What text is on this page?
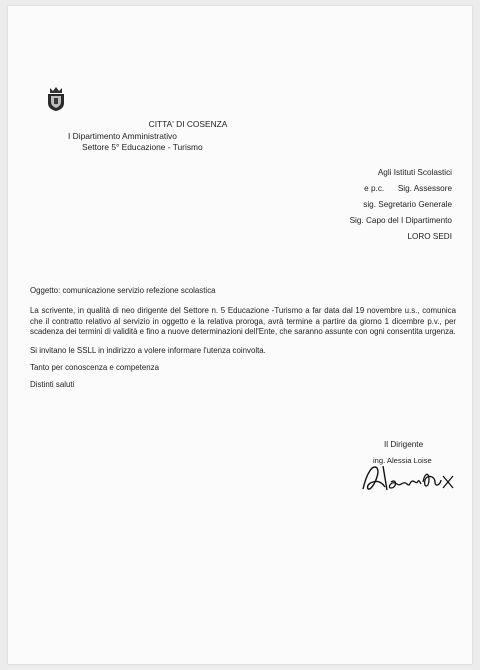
CITTA' DI COSENZA
I Dipartimento Amministrativo
Settore 5° Educazione - Turismo
Agli Istituti Scolastici
e p.c.      Sig. Assessore
sig. Segretario Generale
Sig. Capo del I Dipartimento
LORO SEDI

Oggetto: comunicazione servizio refezione scolastica

La scrivente, in qualità di neo dirigente del Settore n. 5 Educazione -Turismo a far data dal 19 novembre u.s., comunica che il contratto relativo al servizio in oggetto e la relativa proroga, avrà termine a partire da giorno 1 dicembre p.v., per scadenza dei termini di validità e fino a nuove determinazioni dell'Ente, che saranno assunte con ogni consentita urgenza.

Si invitano le SSLL in indirizzo a volere informare l'utenza coinvolta.

Tanto per conoscenza e competenza

Distinti saluti

Il Dirigente
ing. Alessia Loise
